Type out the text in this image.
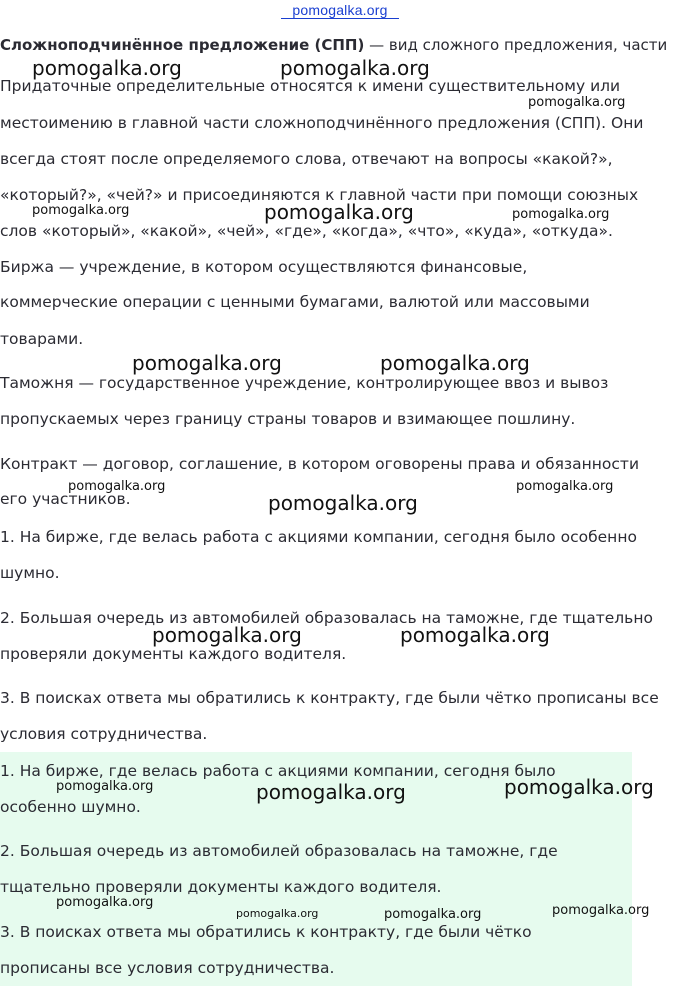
pomogalka.org
Сложноподчинённое предложение (СПП) — вид сложного предложения, части
Придаточные определительные относятся к имени существительному или
местоимению в главной части сложноподчинённого предложения (СПП). Они
всегда стоят после определяемого слова, отвечают на вопросы «какой?»,
«который?», «чей?» и присоединяются к главной части при помощи союзных
слов «который», «какой», «чей», «где», «когда», «что», «куда», «откуда».
Биржа — учреждение, в котором осуществляются финансовые,
коммерческие операции с ценными бумагами, валютой или массовыми
товарами.
Таможня — государственное учреждение, контролирующее ввоз и вывоз
пропускаемых через границу страны товаров и взимающее пошлину.
Контракт — договор, соглашение, в котором оговорены права и обязанности
его участников.
1. На бирже, где велась работа с акциями компании, сегодня было особенно
шумно.
2. Большая очередь из автомобилей образовалась на таможне, где тщательно
проверяли документы каждого водителя.
3. В поисках ответа мы обратились к контракту, где были чётко прописаны все
условия сотрудничества.
1. На бирже, где велась работа с акциями компании, сегодня было
особенно шумно.
2. Большая очередь из автомобилей образовалась на таможне, где
тщательно проверяли документы каждого водителя.
3. В поисках ответа мы обратились к контракту, где были чётко
прописаны все условия сотрудничества.
pomogalka.org	pomogalka.org
pomogalka.org
pomogalka.org	pomogalka.org	pomogalka.org
pomogalka.org	pomogalka.org
pomogalka.org
pomogalka.org
pomogalka.org
pomogalka.org	pomogalka.org
pomogalka.org	pomogalka.org	pomogalka.org
pomogalka.org
pomogalka.org	pomogalka.org	pomogalka.org
